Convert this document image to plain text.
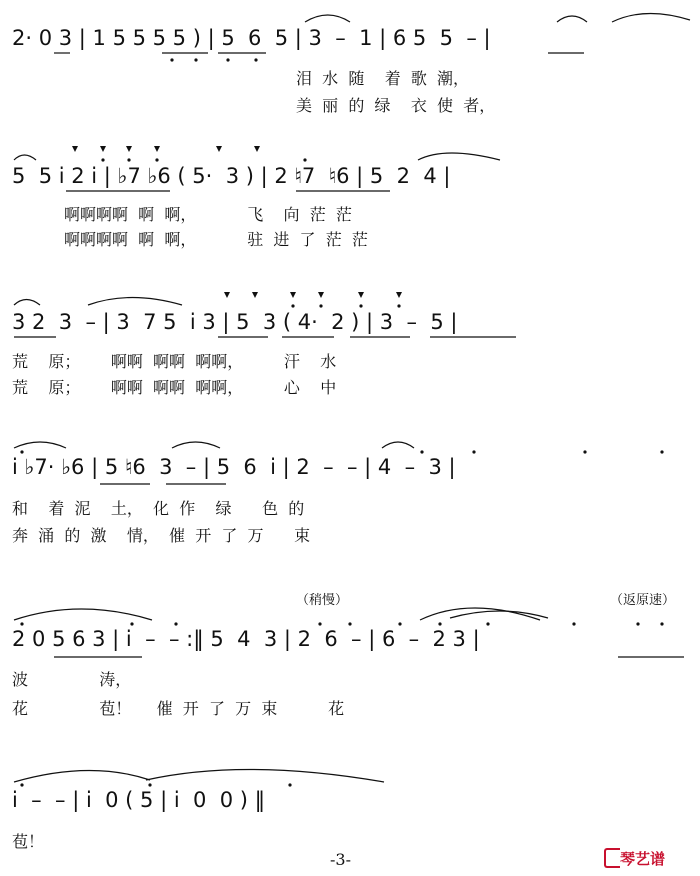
2· 0 3 | 1 5 5 5 5 ) | 5  6  5 | 3  –  1 | 6 5  5  – |
泪  水  随    着  歌  潮，
美  丽  的  绿    衣  使  者，
5  5 i 2 i | ♭7 ♭6 ( 5·  3 ) | 2 ♮7  ♮6 | 5  2  4 |
啊啊啊啊  啊  啊，          飞    向  茫  茫
啊啊啊啊  啊  啊，          驻  进  了  茫  茫
3 2  3  – | 3  7 5  i 3 | 5  3 ( 4·  2 ) | 3  –  5 |
荒    原；      啊啊  啊啊  啊啊，        汗    水
荒    原；      啊啊  啊啊  啊啊，        心    中
i ♭7· ♭6 | 5 ♮6  3  – | 5  6  i | 2  –  – | 4  –  3 |
和    着  泥    土，  化  作    绿      色  的
奔  涌  的  激    情，  催  开  了  万      束
（稍慢）	（返原速）
2 0 5 6 3 | i  –  – :‖ 5  4  3 | 2  6  – | 6  –  2 3 |
波              涛，
花              苞！     催  开  了  万  束          花
i  –  – | i  0 ( 5 | i  0  0 ) ‖
苞！
-3-	琴艺谱
